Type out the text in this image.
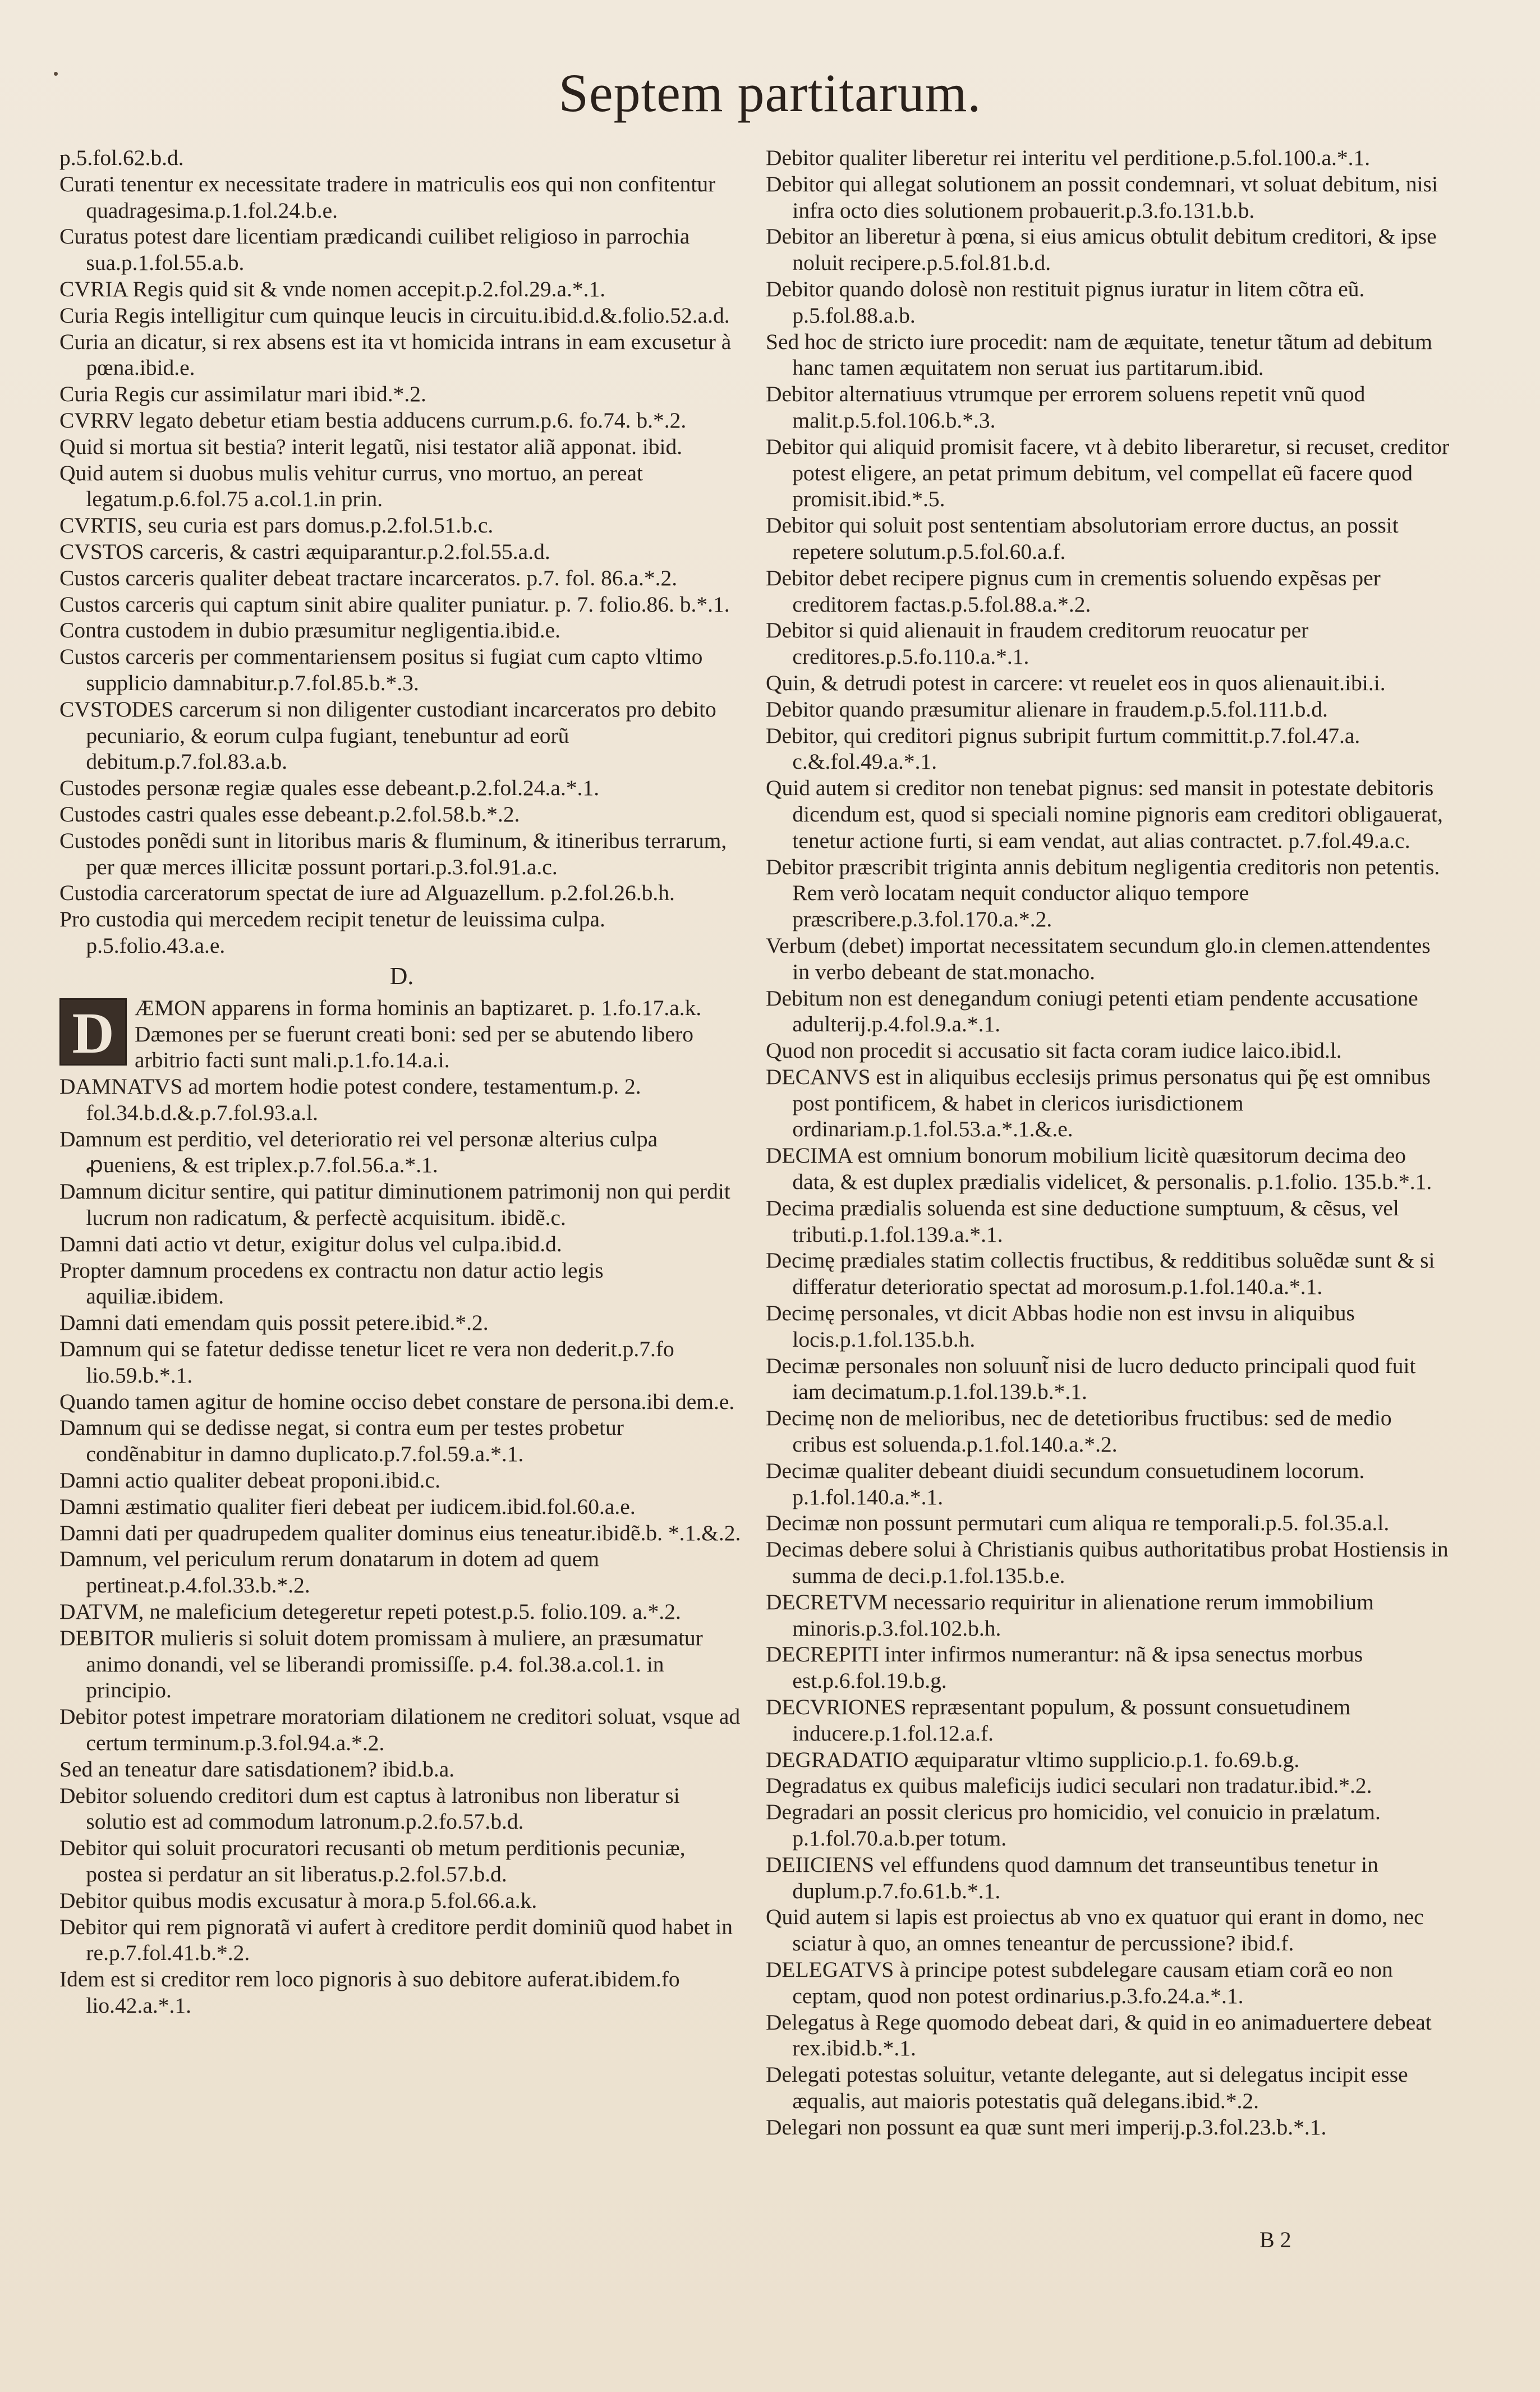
Septem partitarum.

p.5.fol.62.b.d.

Curati tenentur ex necessitate tradere in matriculis eos qui non confitentur quadragesima.p.1.fol.24.b.e.

Curatus potest dare licentiam prædicandi cuilibet religioso in parrochia sua.p.1.fol.55.a.b.

CVRIA Regis quid sit & vnde nomen accepit.p.2.fol.29.a.*.1.

Curia Regis intelligitur cum quinque leucis in circuitu.ibid.d.&.folio.52.a.d.

Curia an dicatur, si rex absens est ita vt homicida intrans in eam excusetur à pœna.ibid.e.

Curia Regis cur assimilatur mari ibid.*.2.

CVRRV legato debetur etiam bestia adducens currum.p.6. fo.74. b.*.2.

Quid si mortua sit bestia? interit legatũ, nisi testator aliã apponat. ibid.

Quid autem si duobus mulis vehitur currus, vno mortuo, an pereat legatum.p.6.fol.75 a.col.1.in prin.

CVRTIS, seu curia est pars domus.p.2.fol.51.b.c.

CVSTOS carceris, & castri æquiparantur.p.2.fol.55.a.d.

Custos carceris qualiter debeat tractare incarceratos. p.7. fol. 86.a.*.2.

Custos carceris qui captum sinit abire qualiter puniatur. p. 7. folio.86. b.*.1.

Contra custodem in dubio præsumitur negligentia.ibid.e.

Custos carceris per commentariensem positus si fugiat cum capto vltimo supplicio damnabitur.p.7.fol.85.b.*.3.

CVSTODES carcerum si non diligenter custodiant incarceratos pro debito pecuniario, & eorum culpa fugiant, tenebuntur ad eorũ debitum.p.7.fol.83.a.b.

Custodes personæ regiæ quales esse debeant.p.2.fol.24.a.*.1.

Custodes castri quales esse debeant.p.2.fol.58.b.*.2.

Custodes ponẽdi sunt in litoribus maris & fluminum, & itineribus terrarum, per quæ merces illicitæ possunt portari.p.3.fol.91.a.c.

Custodia carceratorum spectat de iure ad Alguazellum. p.2.fol.26.b.h.

Pro custodia qui mercedem recipit tenetur de leuissima culpa. p.5.folio.43.a.e.

D.
D ÆMON apparens in forma hominis an baptizaret. p. 1.fo.17.a.k.

Dæmones per se fuerunt creati boni: sed per se abutendo libero arbitrio facti sunt mali.p.1.fo.14.a.i.

DAMNATVS ad mortem hodie potest condere, testamentum.p. 2. fol.34.b.d.&.p.7.fol.93.a.l.

Damnum est perditio, vel deterioratio rei vel personæ alterius culpa ꝓueniens, & est triplex.p.7.fol.56.a.*.1.

Damnum dicitur sentire, qui patitur diminutionem patrimonij non qui perdit lucrum non radicatum, & perfectè acquisitum. ibidẽ.c.

Damni dati actio vt detur, exigitur dolus vel culpa.ibid.d.

Propter damnum procedens ex contractu non datur actio legis aquiliæ.ibidem.

Damni dati emendam quis possit petere.ibid.*.2.

Damnum qui se fatetur dedisse tenetur licet re vera non dederit.p.7.fo lio.59.b.*.1.

Quando tamen agitur de homine occiso debet constare de persona.ibi dem.e.

Damnum qui se dedisse negat, si contra eum per testes probetur condẽnabitur in damno duplicato.p.7.fol.59.a.*.1.

Damni actio qualiter debeat proponi.ibid.c.

Damni æstimatio qualiter fieri debeat per iudicem.ibid.fol.60.a.e.

Damni dati per quadrupedem qualiter dominus eius teneatur.ibidẽ.b. *.1.&.2.

Damnum, vel periculum rerum donatarum in dotem ad quem pertineat.p.4.fol.33.b.*.2.

DATVM, ne maleficium detegeretur repeti potest.p.5. folio.109. a.*.2.

DEBITOR mulieris si soluit dotem promissam à muliere, an præsumatur animo donandi, vel se liberandi promissiſſe. p.4. fol.38.a.col.1. in principio.

Debitor potest impetrare moratoriam dilationem ne creditori soluat, vsque ad certum terminum.p.3.fol.94.a.*.2.

Sed an teneatur dare satisdationem? ibid.b.a.

Debitor soluendo creditori dum est captus à latronibus non liberatur si solutio est ad commodum latronum.p.2.fo.57.b.d.

Debitor qui soluit procuratori recusanti ob metum perditionis pecuniæ, postea si perdatur an sit liberatus.p.2.fol.57.b.d.

Debitor quibus modis excusatur à mora.p 5.fol.66.a.k.

Debitor qui rem pignoratã vi aufert à creditore perdit dominiũ quod habet in re.p.7.fol.41.b.*.2.

Idem est si creditor rem loco pignoris à suo debitore auferat.ibidem.fo lio.42.a.*.1.

Debitor qualiter liberetur rei interitu vel perditione.p.5.fol.100.a.*.1.

Debitor qui allegat solutionem an possit condemnari, vt soluat debitum, nisi infra octo dies solutionem probauerit.p.3.fo.131.b.b.

Debitor an liberetur à pœna, si eius amicus obtulit debitum creditori, & ipse noluit recipere.p.5.fol.81.b.d.

Debitor quando dolosè non restituit pignus iuratur in litem cõtra eũ. p.5.fol.88.a.b.

Sed hoc de stricto iure procedit: nam de æquitate, tenetur tãtum ad debitum hanc tamen æquitatem non seruat ius partitarum.ibid.

Debitor alternatiuus vtrumque per errorem soluens repetit vnũ quod malit.p.5.fol.106.b.*.3.

Debitor qui aliquid promisit facere, vt à debito liberaretur, si recuset, creditor potest eligere, an petat primum debitum, vel compellat eũ facere quod promisit.ibid.*.5.

Debitor qui soluit post sententiam absolutoriam errore ductus, an possit repetere solutum.p.5.fol.60.a.f.

Debitor debet recipere pignus cum in crementis soluendo expẽsas per creditorem factas.p.5.fol.88.a.*.2.

Debitor si quid alienauit in fraudem creditorum reuocatur per creditores.p.5.fo.110.a.*.1.

Quin, & detrudi potest in carcere: vt reuelet eos in quos alienauit.ibi.i.

Debitor quando præsumitur alienare in fraudem.p.5.fol.111.b.d.

Debitor, qui creditori pignus subripit furtum committit.p.7.fol.47.a. c.&.fol.49.a.*.1.

Quid autem si creditor non tenebat pignus: sed mansit in potestate debitoris dicendum est, quod si speciali nomine pignoris eam creditori obligauerat, tenetur actione furti, si eam vendat, aut alias contractet. p.7.fol.49.a.c.

Debitor præscribit triginta annis debitum negligentia creditoris non petentis. Rem verò locatam nequit conductor aliquo tempore præscribere.p.3.fol.170.a.*.2.

Verbum (debet) importat necessitatem secundum glo.in clemen.attendentes in verbo debeant de stat.monacho.

Debitum non est denegandum coniugi petenti etiam pendente accusatione adulterij.p.4.fol.9.a.*.1.

Quod non procedit si accusatio sit facta coram iudice laico.ibid.l.

DECANVS est in aliquibus ecclesijs primus personatus qui p̃ę est omnibus post pontificem, & habet in clericos iurisdictionem ordinariam.p.1.fol.53.a.*.1.&.e.

DECIMA est omnium bonorum mobilium licitè quæsitorum decima deo data, & est duplex prædialis videlicet, & personalis. p.1.folio. 135.b.*.1.

Decima prædialis soluenda est sine deductione sumptuum, & cẽsus, vel tributi.p.1.fol.139.a.*.1.

Decimę prædiales statim collectis fructibus, & redditibus soluẽdæ sunt & si differatur deterioratio spectat ad morosum.p.1.fol.140.a.*.1.

Decimę personales, vt dicit Abbas hodie non est invsu in aliquibus locis.p.1.fol.135.b.h.

Decimæ personales non soluunt̃ nisi de lucro deducto principali quod fuit iam decimatum.p.1.fol.139.b.*.1.

Decimę non de melioribus, nec de detetioribus fructibus: sed de medio cribus est soluenda.p.1.fol.140.a.*.2.

Decimæ qualiter debeant diuidi secundum consuetudinem locorum. p.1.fol.140.a.*.1.

Decimæ non possunt permutari cum aliqua re temporali.p.5. fol.35.a.l.

Decimas debere solui à Christianis quibus authoritatibus probat Hostiensis in summa de deci.p.1.fol.135.b.e.

DECRETVM necessario requiritur in alienatione rerum immobilium minoris.p.3.fol.102.b.h.

DECREPITI inter infirmos numerantur: nã & ipsa senectus morbus est.p.6.fol.19.b.g.

DECVRIONES repræsentant populum, & possunt consuetudinem inducere.p.1.fol.12.a.f.

DEGRADATIO æquiparatur vltimo supplicio.p.1. fo.69.b.g.

Degradatus ex quibus maleficijs iudici seculari non tradatur.ibid.*.2.

Degradari an possit clericus pro homicidio, vel conuicio in prælatum. p.1.fol.70.a.b.per totum.

DEIICIENS vel effundens quod damnum det transeuntibus tenetur in duplum.p.7.fo.61.b.*.1.

Quid autem si lapis est proiectus ab vno ex quatuor qui erant in domo, nec sciatur à quo, an omnes teneantur de percussione? ibid.f.

DELEGATVS à principe potest subdelegare causam etiam corã eo non ceptam, quod non potest ordinarius.p.3.fo.24.a.*.1.

Delegatus à Rege quomodo debeat dari, & quid in eo animaduertere debeat rex.ibid.b.*.1.

Delegati potestas soluitur, vetante delegante, aut si delegatus incipit esse æqualis, aut maioris potestatis quã delegans.ibid.*.2.

Delegari non possunt ea quæ sunt meri imperij.p.3.fol.23.b.*.1.

B 2
